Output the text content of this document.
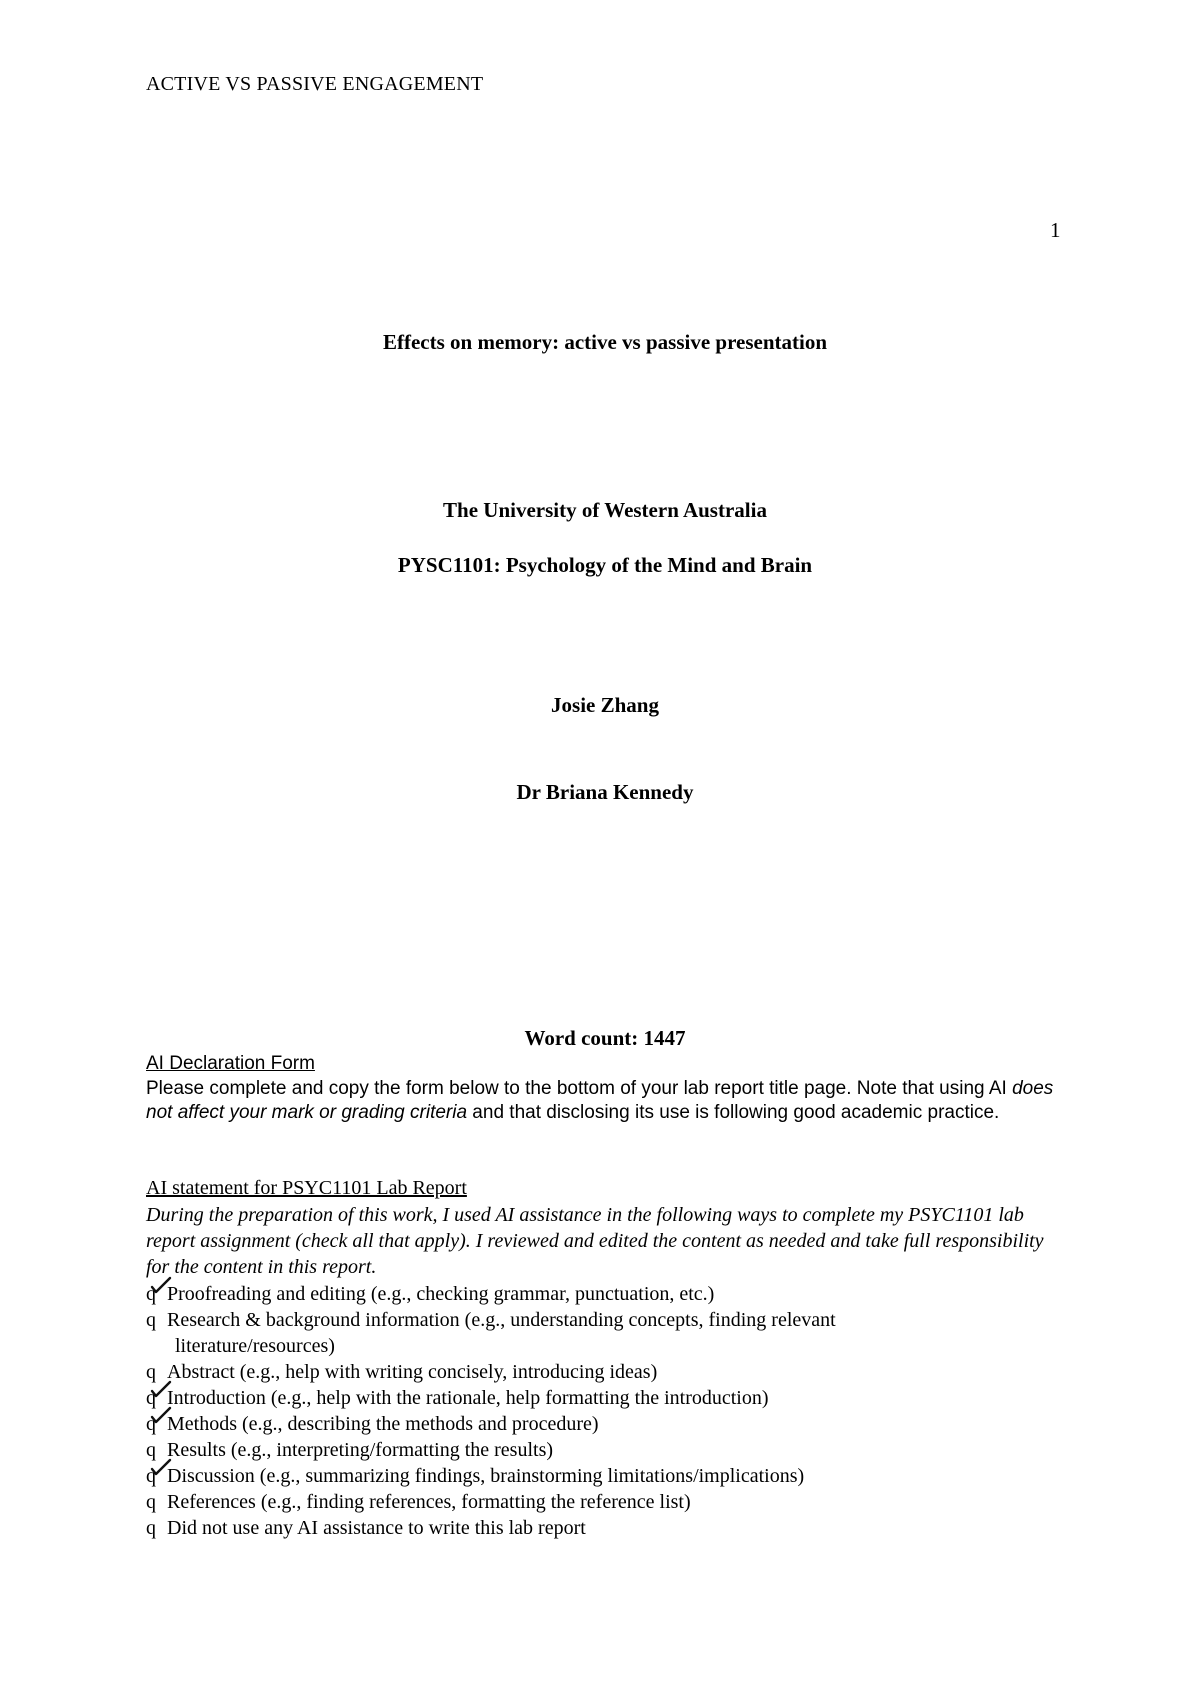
ACTIVE VS PASSIVE ENGAGEMENT
1
Effects on memory: active vs passive presentation
The University of Western Australia
PYSC1101: Psychology of the Mind and Brain
Josie Zhang
Dr Briana Kennedy
Word count: 1447
AI Declaration Form
Please complete and copy the form below to the bottom of your lab report title page. Note that using AI does not affect your mark or grading criteria and that disclosing its use is following good academic practice.
AI statement for PSYC1101 Lab Report
During the preparation of this work, I used AI assistance in the following ways to complete my PSYC1101 lab report assignment (check all that apply). I reviewed and edited the content as needed and take full responsibility for the content in this report.
q Proofreading and editing (e.g., checking grammar, punctuation, etc.)
q Research & background information (e.g., understanding concepts, finding relevant
literature/resources)
q Abstract (e.g., help with writing concisely, introducing ideas)
q Introduction (e.g., help with the rationale, help formatting the introduction)
q Methods (e.g., describing the methods and procedure)
q Results (e.g., interpreting/formatting the results)
q Discussion (e.g., summarizing findings, brainstorming limitations/implications)
q References (e.g., finding references, formatting the reference list)
q Did not use any AI assistance to write this lab report
